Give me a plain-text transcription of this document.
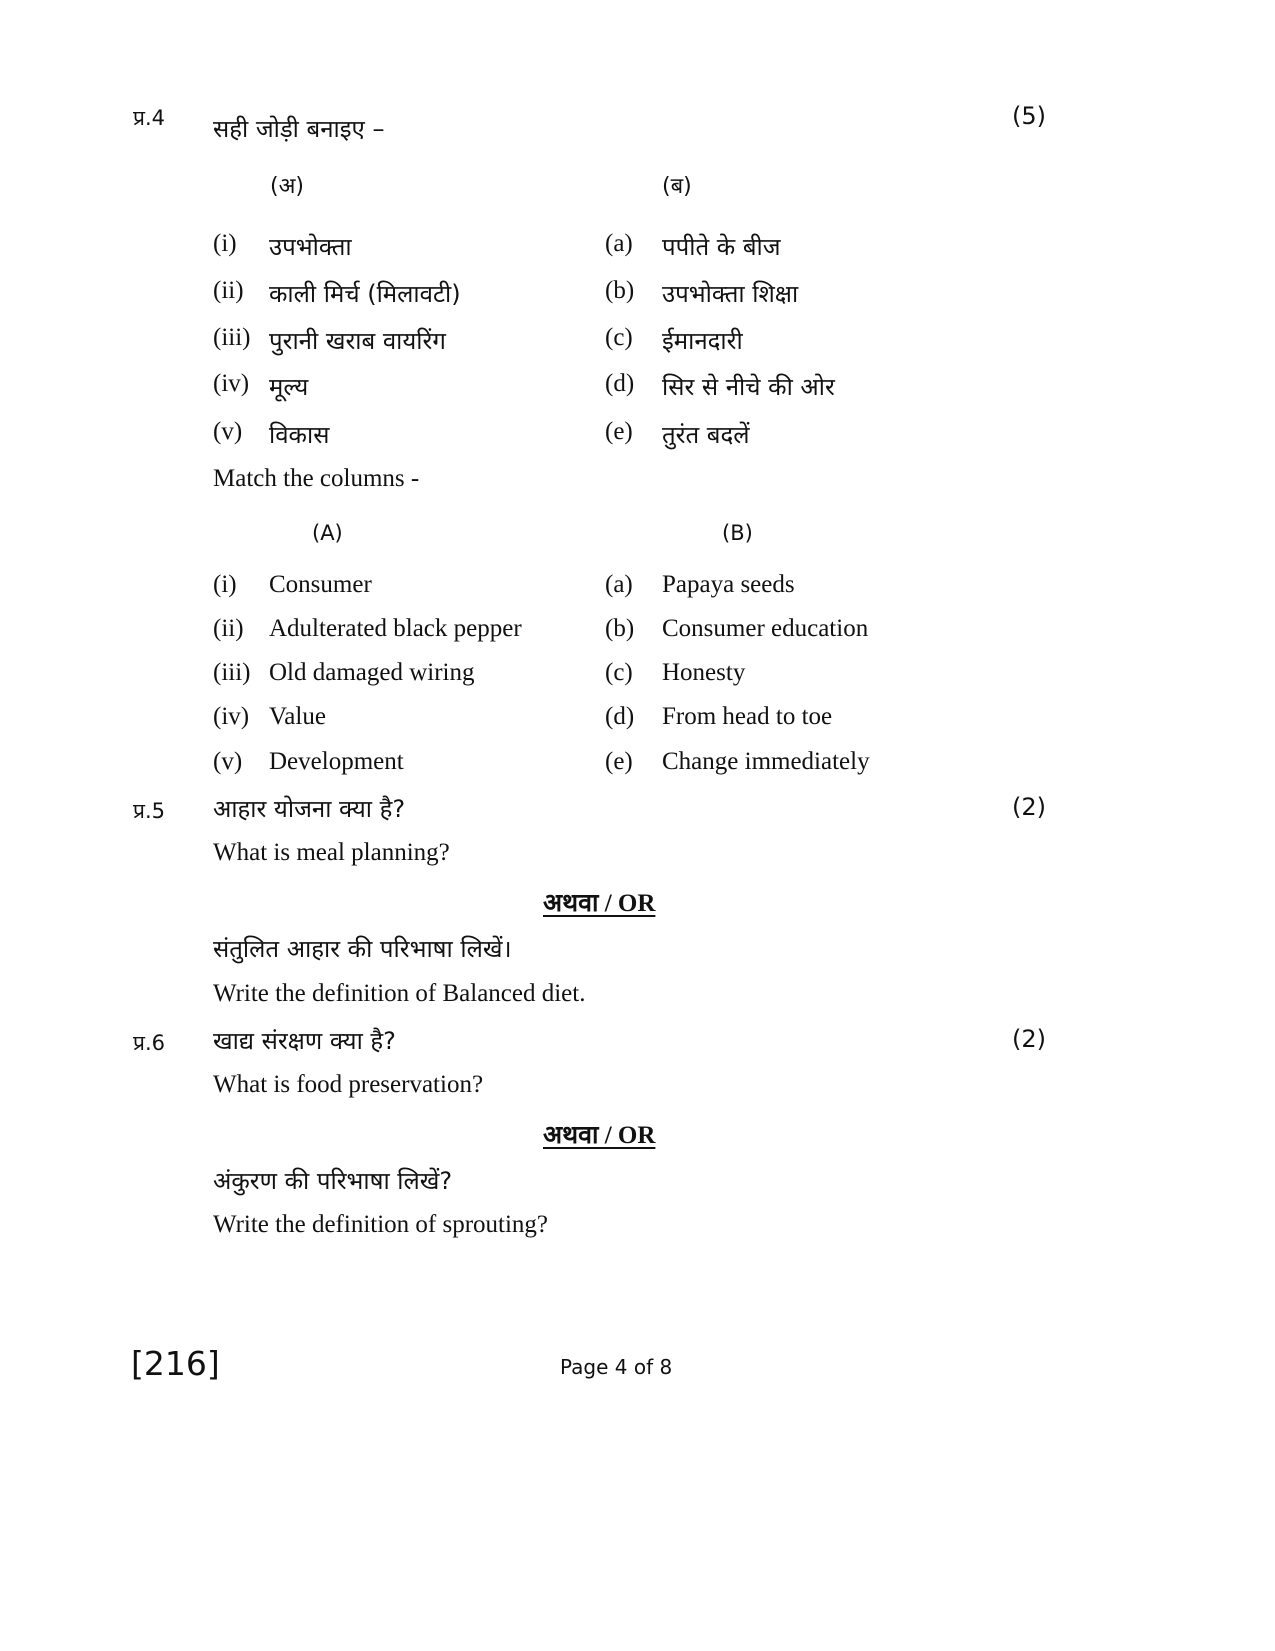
प्र.4 सही जोड़ी बनाइए –	(5)
(अ)	(ब)
(i) उपभोक्ता	(a) पपीते के बीज
(ii) काली मिर्च (मिलावटी)	(b) उपभोक्ता शिक्षा
(iii) पुरानी खराब वायरिंग	(c) ईमानदारी
(iv) मूल्य	(d) सिर से नीचे की ओर
(v) विकास	(e) तुरंत बदलें
Match the columns -
(A)	(B)
(i) Consumer	(a) Papaya seeds
(ii) Adulterated black pepper	(b) Consumer education
(iii) Old damaged wiring	(c) Honesty
(iv) Value	(d) From head to toe
(v) Development	(e) Change immediately
प्र.5 आहार योजना क्या है?	(2)
What is meal planning?
अथवा / OR
संतुलित आहार की परिभाषा लिखें।
Write the definition of Balanced diet.
प्र.6 खाद्य संरक्षण क्या है?	(2)
What is food preservation?
अथवा / OR
अंकुरण की परिभाषा लिखें?
Write the definition of sprouting?
[216]	Page 4 of 8
